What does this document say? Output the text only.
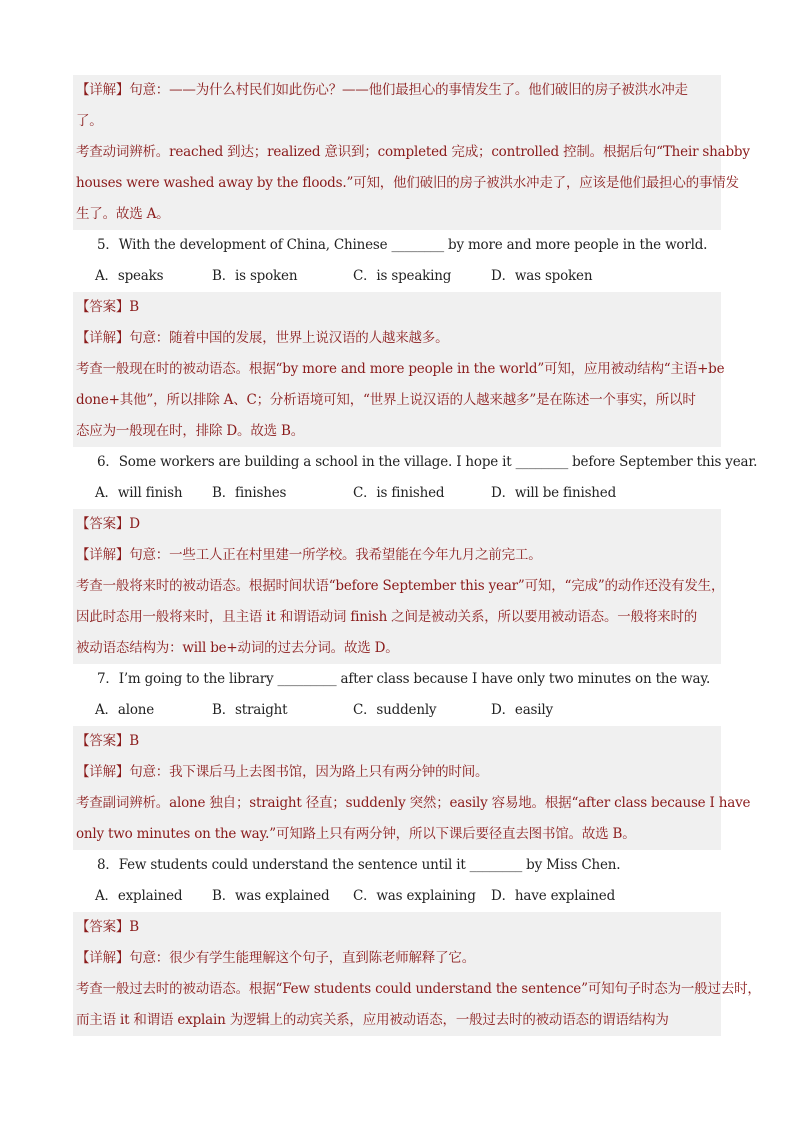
【详解】句意：——为什么村民们如此伤心？——他们最担心的事情发生了。他们破旧的房子被洪水冲走
了。
考查动词辨析。reached 到达；realized 意识到；completed 完成；controlled 控制。根据后句“Their shabby
houses were washed away by the floods.”可知，他们破旧的房子被洪水冲走了，应该是他们最担心的事情发
生了。故选 A。
5．With the development of China, Chinese ________ by more and more people in the world.
A．speaks	B．is spoken	C．is speaking	D．was spoken
【答案】B
【详解】句意：随着中国的发展，世界上说汉语的人越来越多。
考查一般现在时的被动语态。根据“by more and more people in the world”可知，应用被动结构“主语+be
done+其他”，所以排除 A、C；分析语境可知，“世界上说汉语的人越来越多”是在陈述一个事实，所以时
态应为一般现在时，排除 D。故选 B。
6．Some workers are building a school in the village. I hope it ________ before September this year.
A．will finish B．finishes	C．is finished	D．will be finished
【答案】D
【详解】句意：一些工人正在村里建一所学校。我希望能在今年九月之前完工。
考查一般将来时的被动语态。根据时间状语“before September this year”可知，“完成”的动作还没有发生，
因此时态用一般将来时，且主语 it 和谓语动词 finish 之间是被动关系，所以要用被动语态。一般将来时的
被动语态结构为：will be+动词的过去分词。故选 D。
7．I’m going to the library _________ after class because I have only two minutes on the way.
A．alone	B．straight	C．suddenly	D．easily
【答案】B
【详解】句意：我下课后马上去图书馆，因为路上只有两分钟的时间。
考查副词辨析。alone 独自；straight 径直；suddenly 突然；easily 容易地。根据“after class because I have
only two minutes on the way.”可知路上只有两分钟，所以下课后要径直去图书馆。故选 B。
8．Few students could understand the sentence until it ________ by Miss Chen.
A．explained B．was explained C．was explaining D．have explained
【答案】B
【详解】句意：很少有学生能理解这个句子，直到陈老师解释了它。
考查一般过去时的被动语态。根据“Few students could understand the sentence”可知句子时态为一般过去时，
而主语 it 和谓语 explain 为逻辑上的动宾关系，应用被动语态，一般过去时的被动语态的谓语结构为
